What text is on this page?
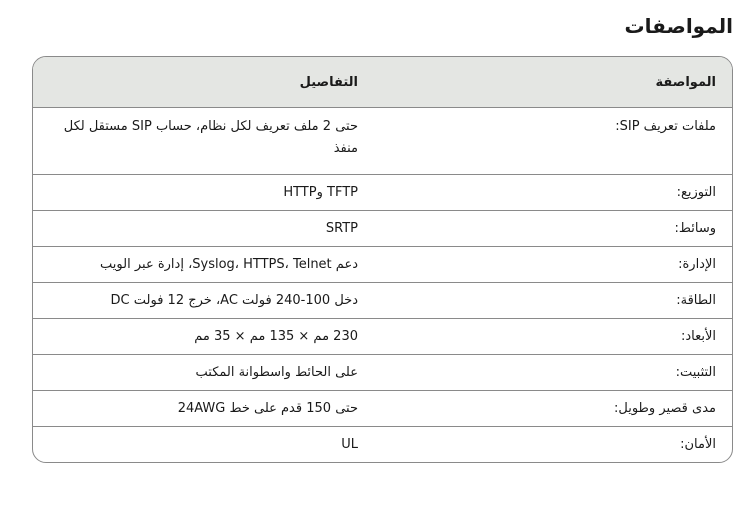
المواصفات
المواصفة	التفاصيل
ملفات تعريف SIP:	حتى 2 ملف تعريف لكل نظام، حساب SIP مستقل لكل منفذ
التوزيع:	TFTP وHTTP
وسائط:	SRTP
الإدارة:	دعم Syslog، HTTPS، Telnet، إدارة عبر الويب
الطاقة:	دخل 100-240 فولت AC، خرج 12 فولت DC
الأبعاد:	230 مم × 135 مم × 35 مم
التثبيت:	على الحائط واسطوانة المكتب
مدى قصير وطويل:	حتى 150 قدم على خط 24AWG
الأمان:	UL
